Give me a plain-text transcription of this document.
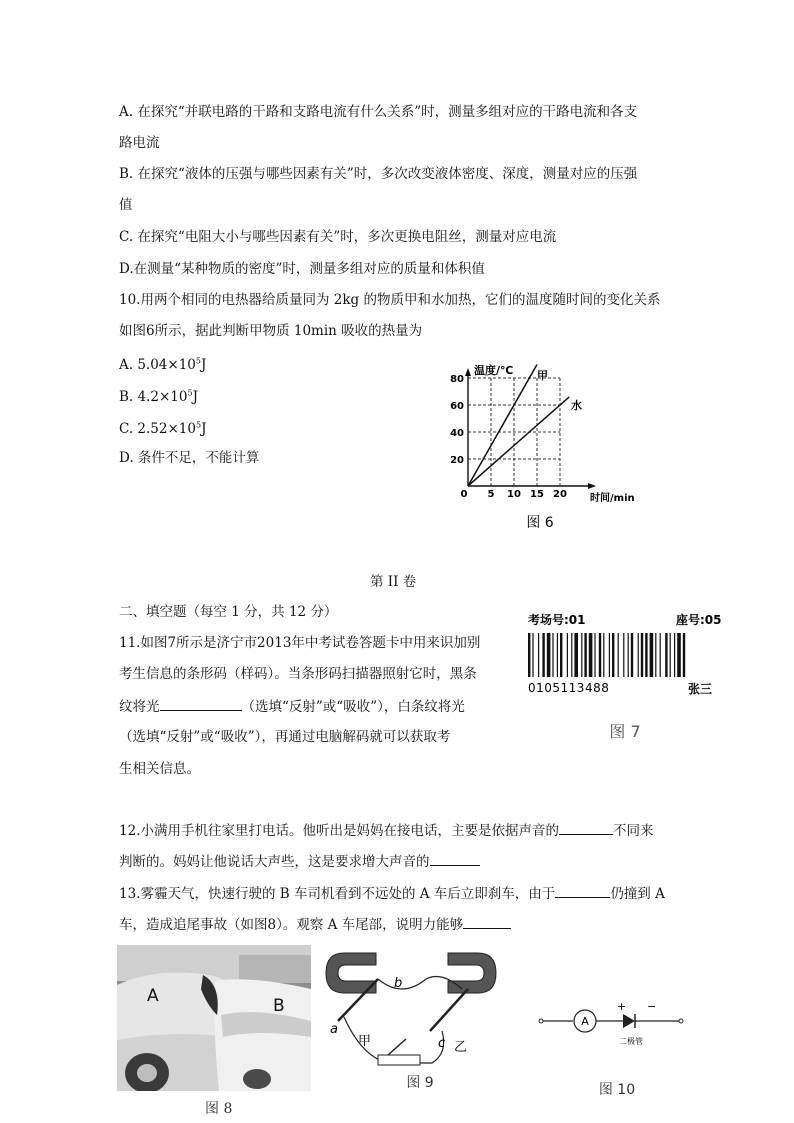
A. 在探究“并联电路的干路和支路电流有什么关系”时，测量多组对应的干路电流和各支
路电流
B. 在探究“液体的压强与哪些因素有关”时，多次改变液体密度、深度，测量对应的压强
值
C. 在探究“电阻大小与哪些因素有关”时，多次更换电阻丝，测量对应电流
D.在测量“某种物质的密度”时，测量多组对应的质量和体积值
10.用两个相同的电热器给质量同为 2kg 的物质甲和水加热，它们的温度随时间的变化关系
如图6所示，据此判断甲物质 10min 吸收的热量为
A. $5.04\times 10^5J$
B. $4.2\times 10^5J$
C. $2.52\times 10^5J$
D. 条件不足，不能计算
5 10 15 20
20
40
60
80
温度/℃ 甲
水
0	时间/min
图 6
第 II 卷
二、填空题（每空 1 分，共 12 分）
11.如图7所示是济宁市2013年中考试卷答题卡中用来识加别
考生信息的条形码（样码）。当条形码扫描器照射它时，黑条
纹将光	（选填“反射”或“吸收”），白条纹将光
（选填“反射”或“吸收”），再通过电脑解码就可以获取考
生相关信息。
考场号:01	座号:05
0105113488	张三
图 7
12.小满用手机往家里打电话。他听出是妈妈在接电话，主要是依据声音的	不同来
判断的。妈妈让他说话大声些，这是要求增大声音的
13.雾霾天气，快速行驶的 B 车司机看到不远处的 A 车后立即刹车，由于	仍撞到 A
车，造成追尾事故（如图8）。观察 A 车尾部，说明力能够
A	B
图 8
a
b
c
甲	乙
图 9
A
+ −
二极管
图 10
